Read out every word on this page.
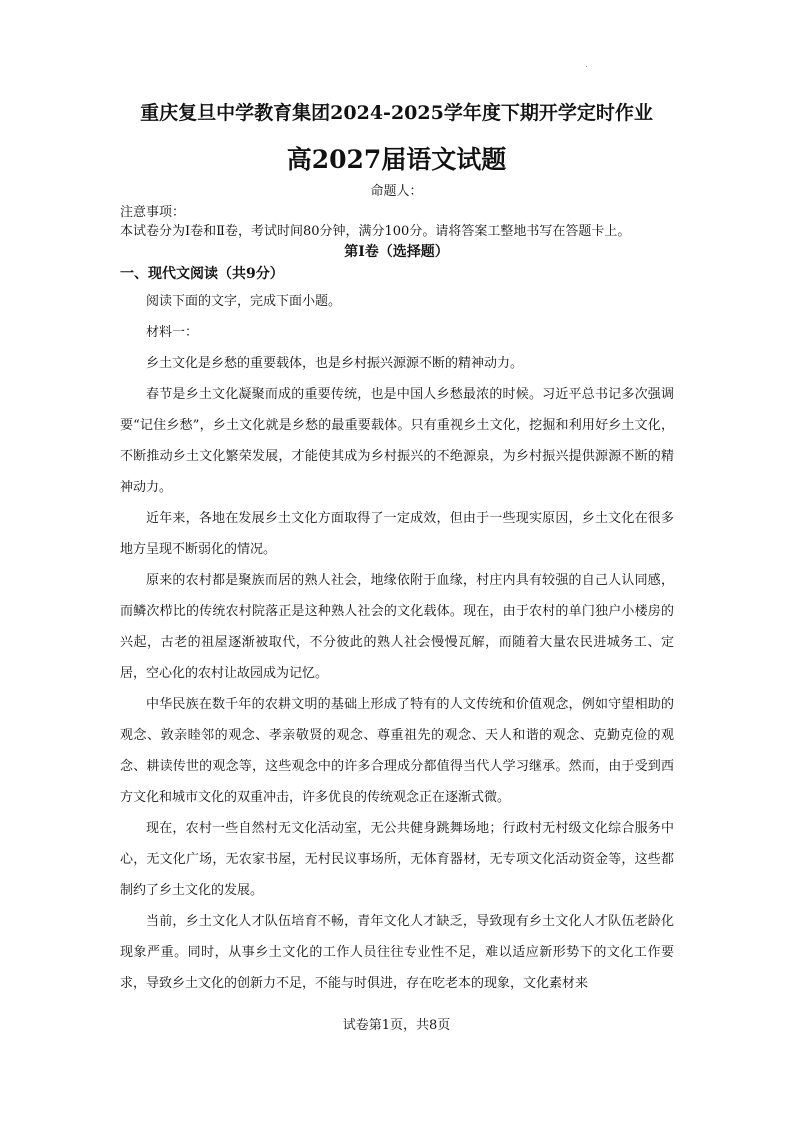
重庆复旦中学教育集团2024-2025学年度下期开学定时作业
高2027届语文试题
命题人：
注意事项：
本试卷分为Ⅰ卷和Ⅱ卷，考试时间80分钟，满分100分。请将答案工整地书写在答题卡上。
第Ⅰ卷（选择题）
一、现代文阅读（共9分）

阅读下面的文字，完成下面小题。

材料一：

乡土文化是乡愁的重要载体，也是乡村振兴源源不断的精神动力。

春节是乡土文化凝聚而成的重要传统，也是中国人乡愁最浓的时候。习近平总书记多次强调要“记住乡愁”，乡土文化就是乡愁的最重要载体。只有重视乡土文化，挖掘和利用好乡土文化，不断推动乡土文化繁荣发展，才能使其成为乡村振兴的不绝源泉，为乡村振兴提供源源不断的精神动力。

近年来，各地在发展乡土文化方面取得了一定成效，但由于一些现实原因，乡土文化在很多地方呈现不断弱化的情况。

原来的农村都是聚族而居的熟人社会，地缘依附于血缘，村庄内具有较强的自己人认同感，而鳞次栉比的传统农村院落正是这种熟人社会的文化载体。现在，由于农村的单门独户小楼房的兴起，古老的祖屋逐渐被取代，不分彼此的熟人社会慢慢瓦解，而随着大量农民进城务工、定居，空心化的农村让故园成为记忆。

中华民族在数千年的农耕文明的基础上形成了特有的人文传统和价值观念，例如守望相助的观念、敦亲睦邻的观念、孝亲敬贤的观念、尊重祖先的观念、天人和谐的观念、克勤克俭的观念、耕读传世的观念等，这些观念中的许多合理成分都值得当代人学习继承。然而，由于受到西方文化和城市文化的双重冲击，许多优良的传统观念正在逐渐式微。

现在，农村一些自然村无文化活动室，无公共健身跳舞场地；行政村无村级文化综合服务中心，无文化广场，无农家书屋，无村民议事场所，无体育器材，无专项文化活动资金等，这些都制约了乡土文化的发展。

当前，乡土文化人才队伍培育不畅，青年文化人才缺乏，导致现有乡土文化人才队伍老龄化现象严重。同时，从事乡土文化的工作人员往往专业性不足，难以适应新形势下的文化工作要求，导致乡土文化的创新力不足，不能与时俱进，存在吃老本的现象，文化素材来

试卷第1页，共8页
